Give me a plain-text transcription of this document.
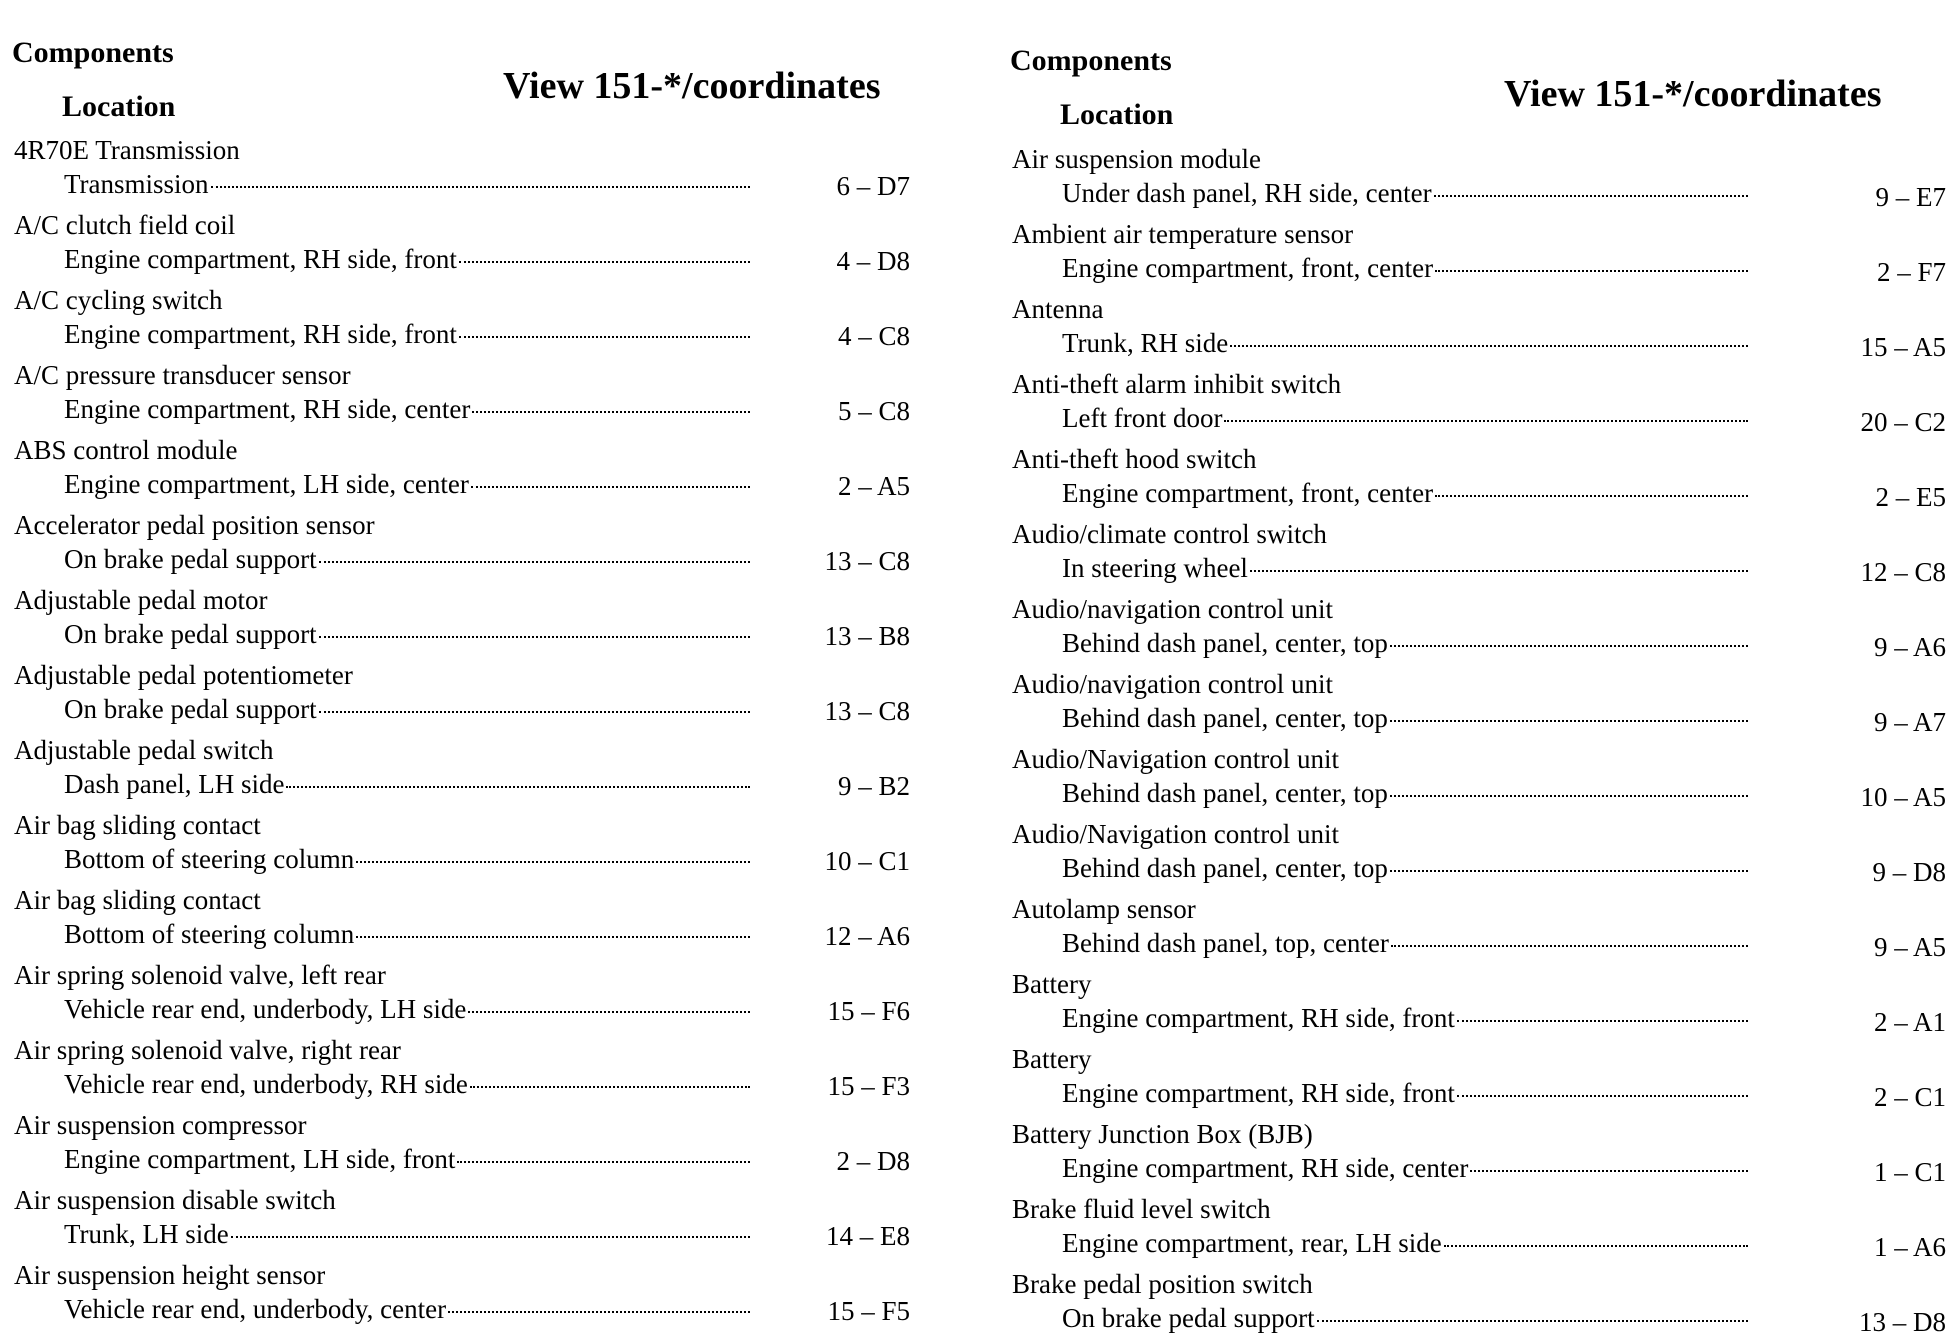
Components
Location	View 151-*/coordinates
4R70E Transmission
Transmission	6 – D7
A/C clutch field coil
Engine compartment, RH side, front	4 – D8
A/C cycling switch
Engine compartment, RH side, front	4 – C8
A/C pressure transducer sensor
Engine compartment, RH side, center	5 – C8
ABS control module
Engine compartment, LH side, center	2 – A5
Accelerator pedal position sensor
On brake pedal support	13 – C8
Adjustable pedal motor
On brake pedal support	13 – B8
Adjustable pedal potentiometer
On brake pedal support	13 – C8
Adjustable pedal switch
Dash panel, LH side	9 – B2
Air bag sliding contact
Bottom of steering column	10 – C1
Air bag sliding contact
Bottom of steering column	12 – A6
Air spring solenoid valve, left rear
Vehicle rear end, underbody, LH side	15 – F6
Air spring solenoid valve, right rear
Vehicle rear end, underbody, RH side	15 – F3
Air suspension compressor
Engine compartment, LH side, front	2 – D8
Air suspension disable switch
Trunk, LH side	14 – E8
Air suspension height sensor
Vehicle rear end, underbody, center	15 – F5
Components
Location	View 151-*/coordinates
Air suspension module
Under dash panel, RH side, center	9 – E7
Ambient air temperature sensor
Engine compartment, front, center	2 – F7
Antenna
Trunk, RH side	15 – A5
Anti-theft alarm inhibit switch
Left front door	20 – C2
Anti-theft hood switch
Engine compartment, front, center	2 – E5
Audio/climate control switch
In steering wheel	12 – C8
Audio/navigation control unit
Behind dash panel, center, top	9 – A6
Audio/navigation control unit
Behind dash panel, center, top	9 – A7
Audio/Navigation control unit
Behind dash panel, center, top	10 – A5
Audio/Navigation control unit
Behind dash panel, center, top	9 – D8
Autolamp sensor
Behind dash panel, top, center	9 – A5
Battery
Engine compartment, RH side, front	2 – A1
Battery
Engine compartment, RH side, front	2 – C1
Battery Junction Box (BJB)
Engine compartment, RH side, center	1 – C1
Brake fluid level switch
Engine compartment, rear, LH side	1 – A6
Brake pedal position switch
On brake pedal support	13 – D8
